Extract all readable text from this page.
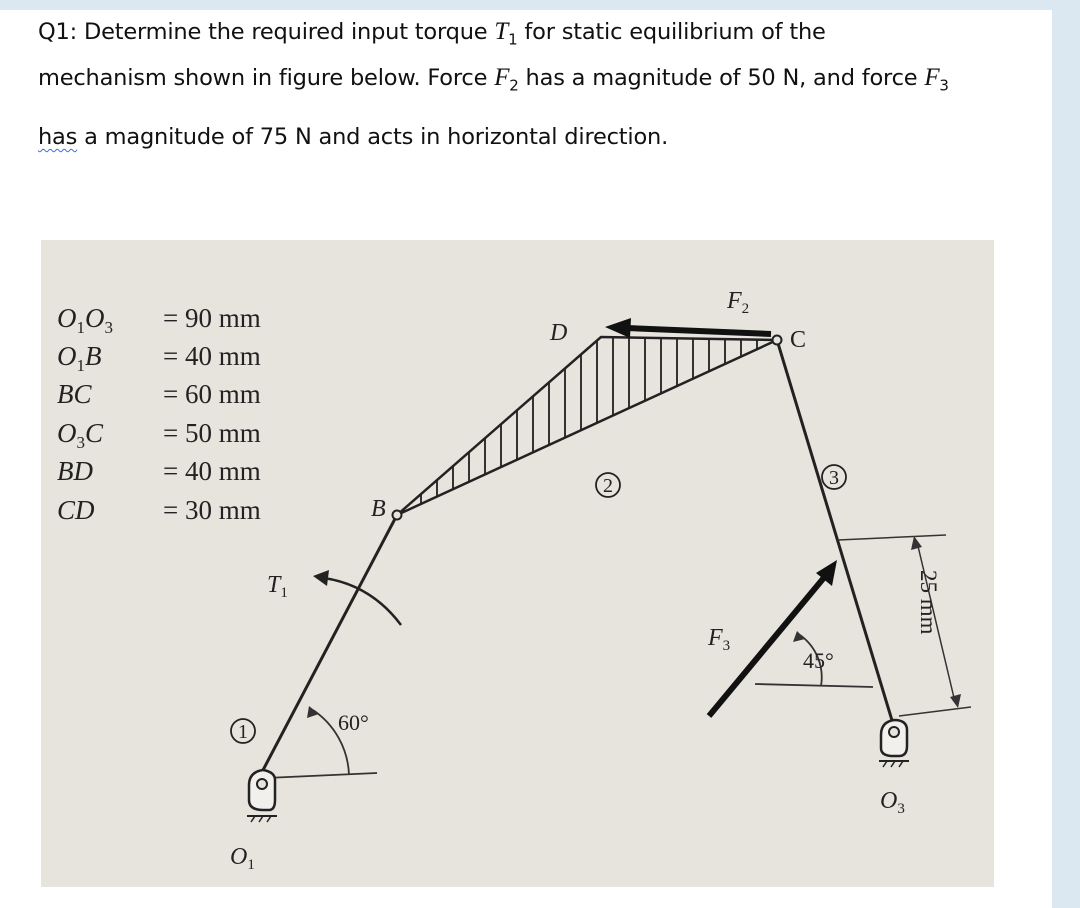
Q1: Determine the required input torque $T_1$ for static equilibrium of the
mechanism shown in figure below. Force $F_2$ has a magnitude of 50 N, and force $F_3$
has a magnitude of 75 N and acts in horizontal direction.
$O_1O_3 = 90$ mm
$O_1B = 40$ mm
BC	= 60 mm
$O_3C = 50$ mm
BD	= 40 mm
CD	= 30 mm
1
2	3
D
B
C
$F_2$
$F_3$
$T_1$
$O_1$
$O_3$
60°
45°
25 mm
